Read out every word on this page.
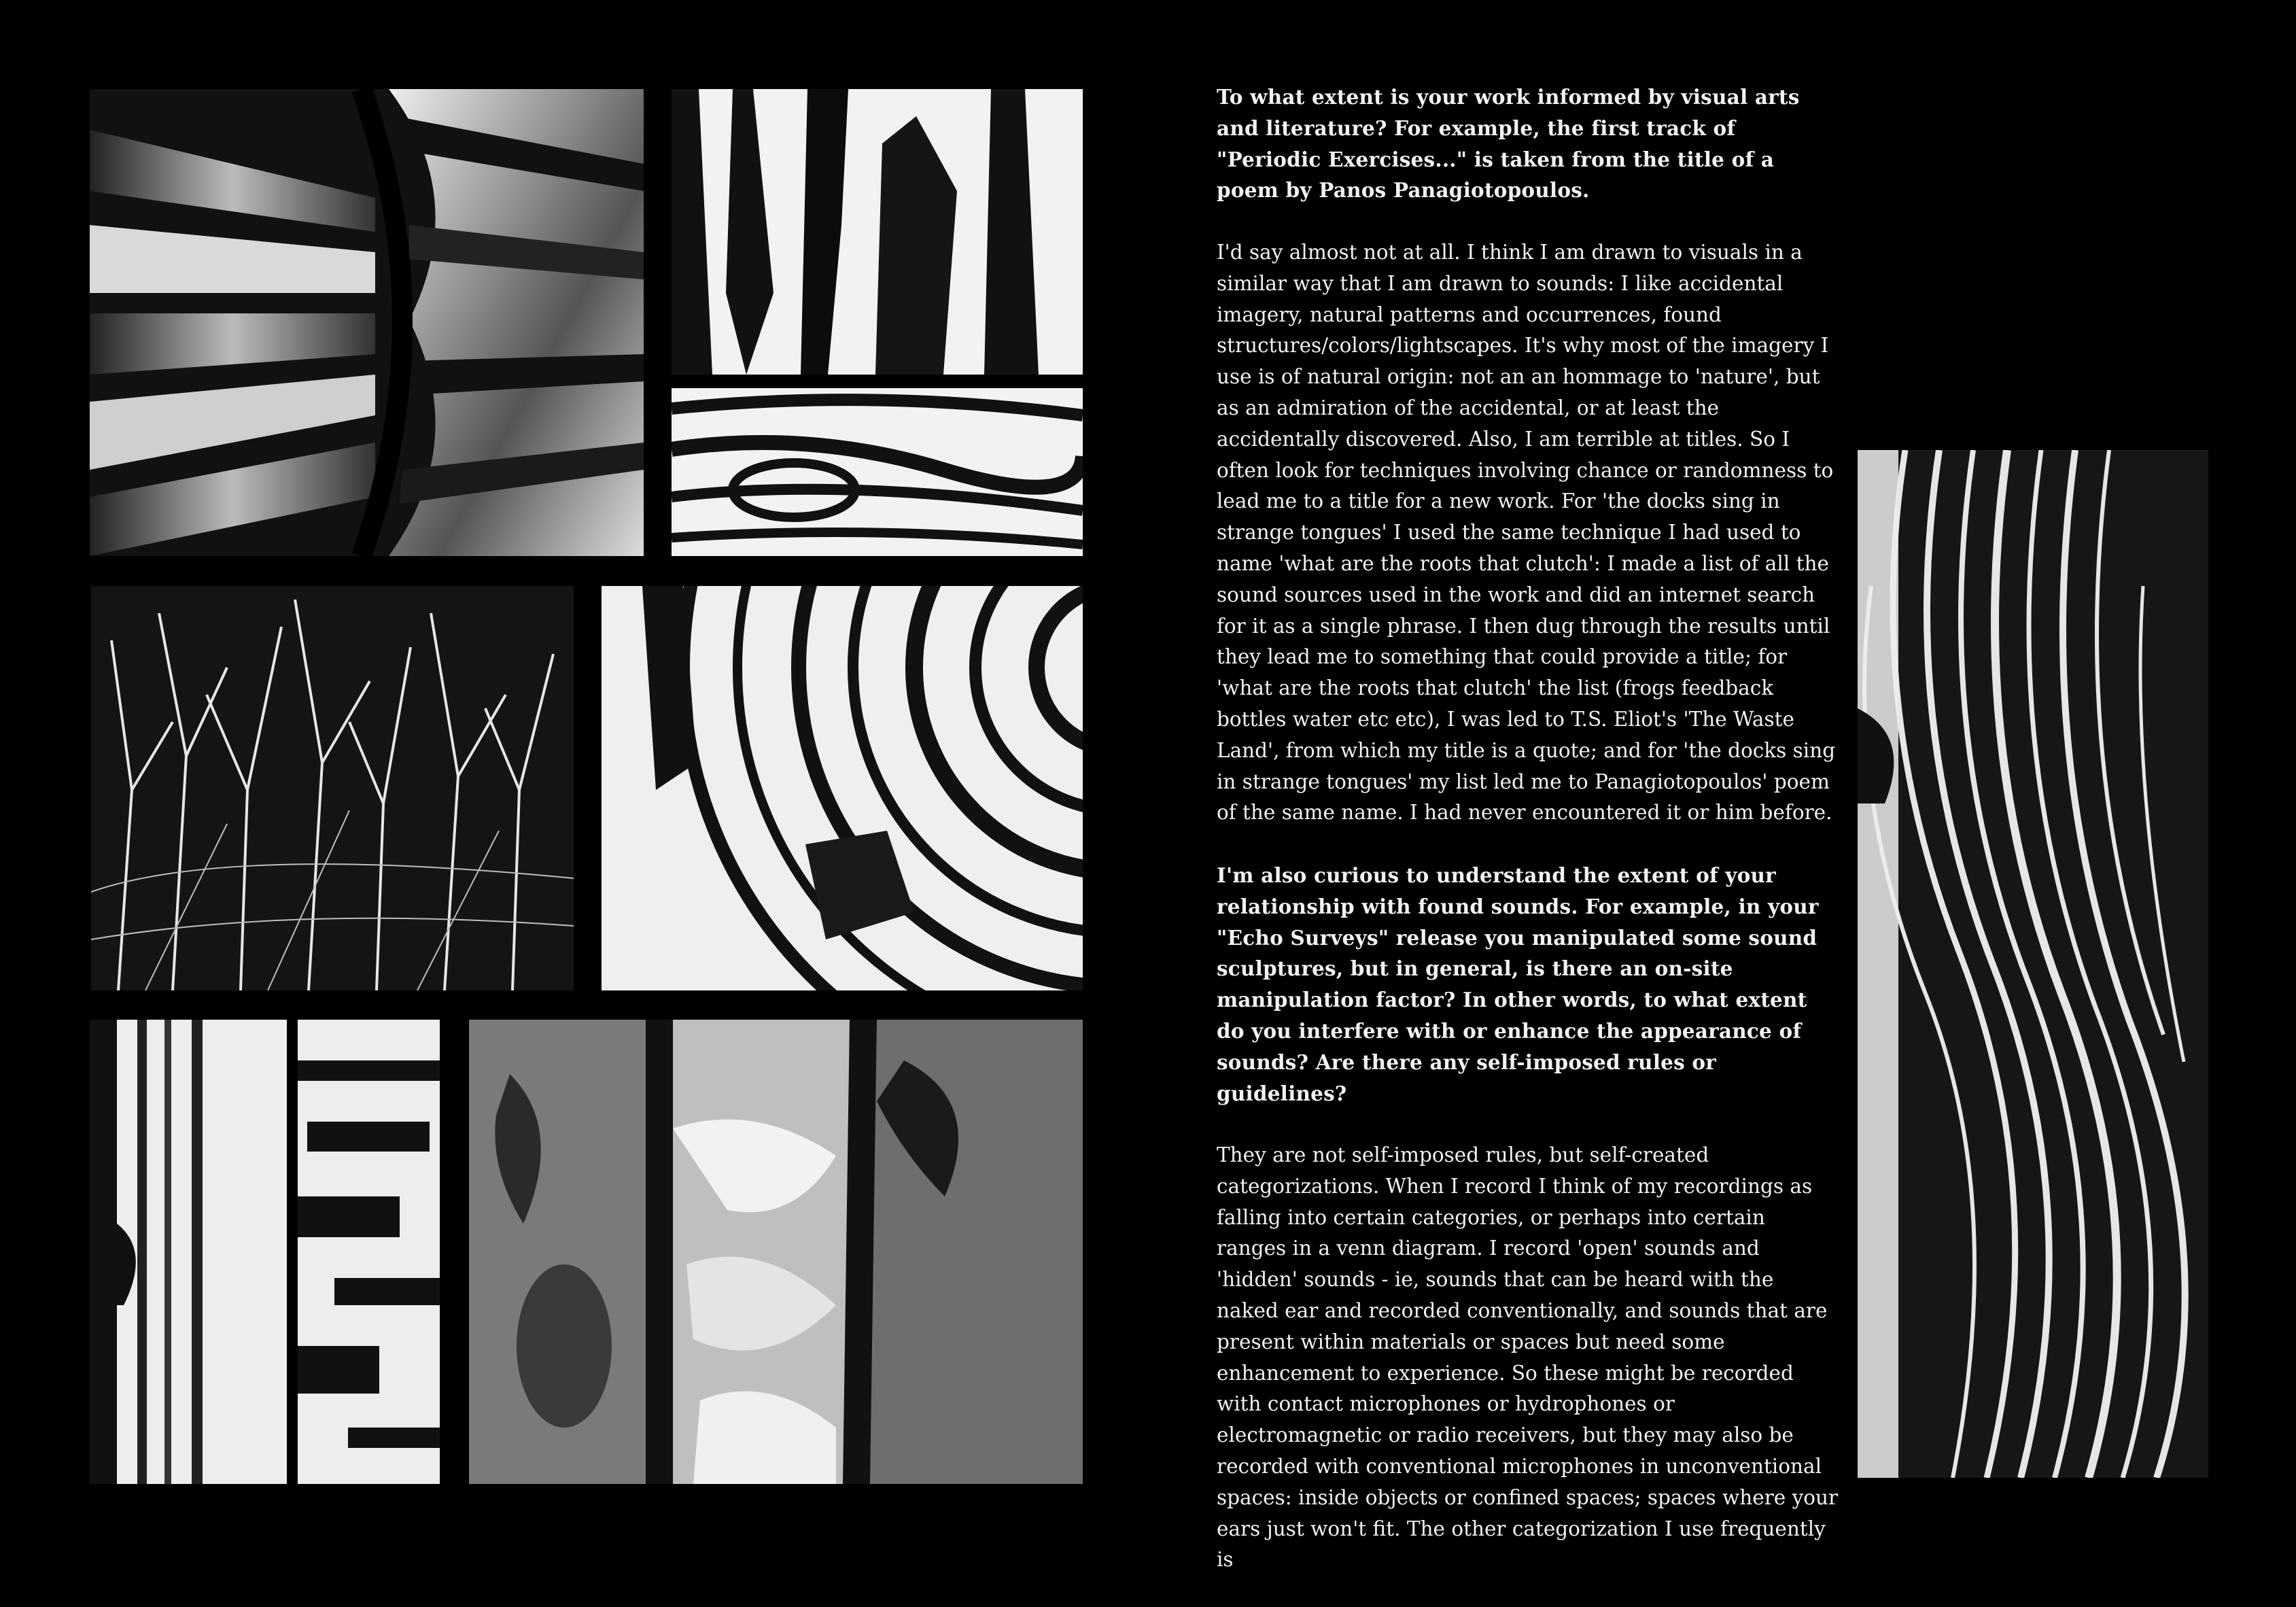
To what extent is your work informed by visual arts and literature? For example, the first track of "Periodic Exercises..." is taken from the title of a poem by Panos Panagiotopoulos.

I'd say almost not at all. I think I am drawn to visuals in a similar way that I am drawn to sounds: I like accidental imagery, natural patterns and occurrences, found structures/colors/lightscapes. It's why most of the imagery I use is of natural origin: not an an hommage to 'nature', but as an admiration of the accidental, or at least the accidentally discovered. Also, I am terrible at titles. So I often look for techniques involving chance or randomness to lead me to a title for a new work. For 'the docks sing in strange tongues' I used the same technique I had used to name 'what are the roots that clutch': I made a list of all the sound sources used in the work and did an internet search for it as a single phrase. I then dug through the results until they lead me to something that could provide a title; for 'what are the roots that clutch' the list (frogs feedback bottles water etc etc), I was led to T.S. Eliot's 'The Waste Land', from which my title is a quote; and for 'the docks sing in strange tongues' my list led me to Panagiotopoulos' poem of the same name. I had never encountered it or him before.

I'm also curious to understand the extent of your relationship with found sounds. For example, in your "Echo Surveys" release you manipulated some sound sculptures, but in general, is there an on-site manipulation factor? In other words, to what extent do you interfere with or enhance the appearance of sounds? Are there any self-imposed rules or guidelines?

They are not self-imposed rules, but self-created categorizations. When I record I think of my recordings as falling into certain categories, or perhaps into certain ranges in a venn diagram. I record 'open' sounds and 'hidden' sounds - ie, sounds that can be heard with the naked ear and recorded conventionally, and sounds that are present within materials or spaces but need some enhancement to experience. So these might be recorded with contact microphones or hydrophones or electromagnetic or radio receivers, but they may also be recorded with conventional microphones in unconventional spaces: inside objects or confined spaces; spaces where your ears just won't fit. The other categorization I use frequently is
